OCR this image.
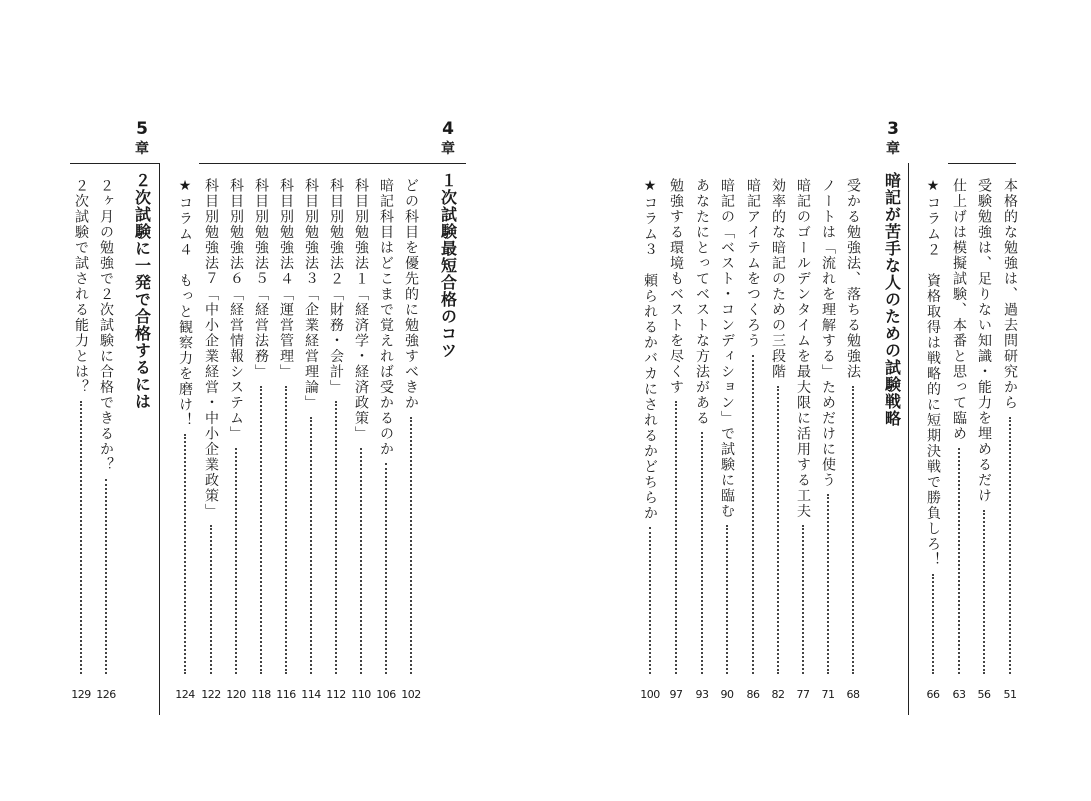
3
章
本格的な勉強は、過去問研究から
51
受験勉強は、足りない知識・能力を埋めるだけ
56
仕上げは模擬試験、本番と思って臨め
63
★コラム２　資格取得は戦略的に短期決戦で勝負しろ！
66
暗記が苦手な人のための試験戦略
受かる勉強法、落ちる勉強法
68
ノートは「流れを理解する」ためだけに使う
71
暗記のゴールデンタイムを最大限に活用する工夫
77
効率的な暗記のための三段階
82
暗記アイテムをつくろう
86
暗記の「ベスト・コンディション」で試験に臨む
90
あなたにとってベストな方法がある
93
勉強する環境もベストを尽くす
97
★コラム３　頼られるかバカにされるかどちらか
100
4
章
１次試験最短合格のコツ
どの科目を優先的に勉強すべきか
102
暗記科目はどこまで覚えれば受かるのか
106
科目別勉強法１「経済学・経済政策」
110
科目別勉強法２「財務・会計」
112
科目別勉強法３「企業経営理論」
114
科目別勉強法４「運営管理」
116
科目別勉強法５「経営法務」
118
科目別勉強法６「経営情報システム」
120
科目別勉強法７「中小企業経営・中小企業政策」
122
★コラム４　もっと観察力を磨け！
124
5
章
２次試験に一発で合格するには
２ヶ月の勉強で２次試験に合格できるか？
126
２次試験で試される能力とは？
129
